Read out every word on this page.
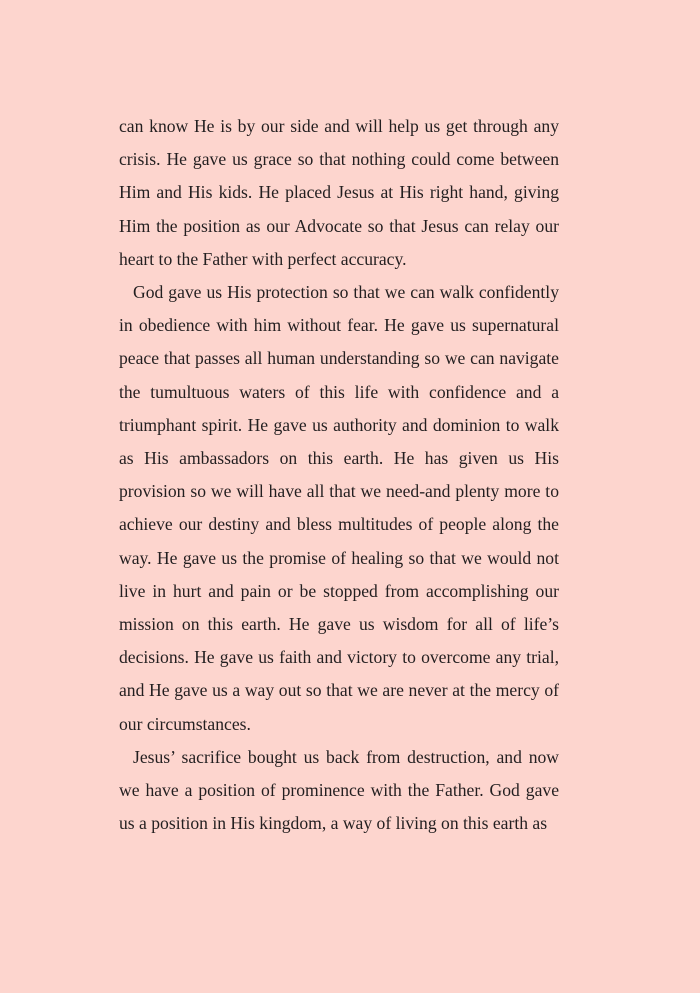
can know He is by our side and will help us get through any crisis. He gave us grace so that nothing could come between Him and His kids. He placed Jesus at His right hand, giving Him the position as our Advocate so that Jesus can relay our heart to the Father with perfect accuracy.

God gave us His protection so that we can walk confidently in obedience with him without fear. He gave us supernatural peace that passes all human understanding so we can navigate the tumultuous waters of this life with confidence and a triumphant spirit. He gave us authority and dominion to walk as His ambassadors on this earth. He has given us His provision so we will have all that we need-and plenty more to achieve our destiny and bless multitudes of people along the way. He gave us the promise of healing so that we would not live in hurt and pain or be stopped from accomplishing our mission on this earth. He gave us wisdom for all of life’s decisions. He gave us faith and victory to overcome any trial, and He gave us a way out so that we are never at the mercy of our circumstances.

Jesus’ sacrifice bought us back from destruction, and now we have a position of prominence with the Father. God gave us a position in His kingdom, a way of living on this earth as
